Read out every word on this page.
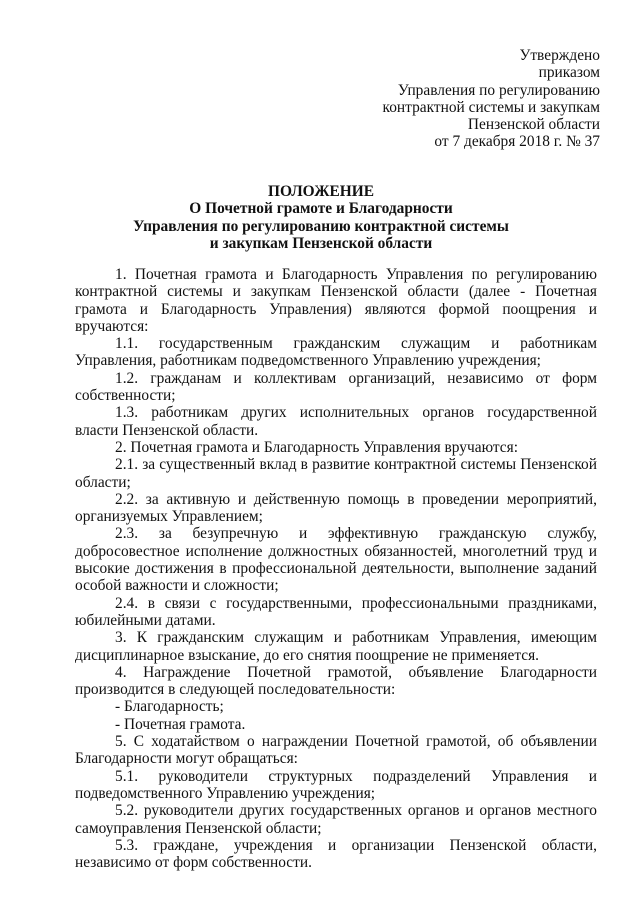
Утверждено
приказом
Управления по регулированию
контрактной системы и закупкам
Пензенской области
от 7 декабря 2018 г. № 37
ПОЛОЖЕНИЕ
О Почетной грамоте и Благодарности
Управления по регулированию контрактной системы
и закупкам Пензенской области

1. Почетная грамота и Благодарность Управления по регулированию контрактной системы и закупкам Пензенской области (далее - Почетная грамота и Благодарность Управления) являются формой поощрения и вручаются:

1.1. государственным гражданским служащим и работникам Управления, работникам подведомственного Управлению учреждения;

1.2. гражданам и коллективам организаций, независимо от форм собственности;

1.3. работникам других исполнительных органов государственной власти Пензенской области.

2. Почетная грамота и Благодарность Управления вручаются:

2.1. за существенный вклад в развитие контрактной системы Пензенской области;

2.2. за активную и действенную помощь в проведении мероприятий, организуемых Управлением;

2.3. за безупречную и эффективную гражданскую службу, добросовестное исполнение должностных обязанностей, многолетний труд и высокие достижения в профессиональной деятельности, выполнение заданий особой важности и сложности;

2.4. в связи с государственными, профессиональными праздниками, юбилейными датами.

3. К гражданским служащим и работникам Управления, имеющим дисциплинарное взыскание, до его снятия поощрение не применяется.

4. Награждение Почетной грамотой, объявление Благодарности производится в следующей последовательности:

- Благодарность;

- Почетная грамота.

5. С ходатайством о награждении Почетной грамотой, об объявлении Благодарности могут обращаться:

5.1. руководители структурных подразделений Управления и подведомственного Управлению учреждения;

5.2. руководители других государственных органов и органов местного самоуправления Пензенской области;

5.3. граждане, учреждения и организации Пензенской области, независимо от форм собственности.
